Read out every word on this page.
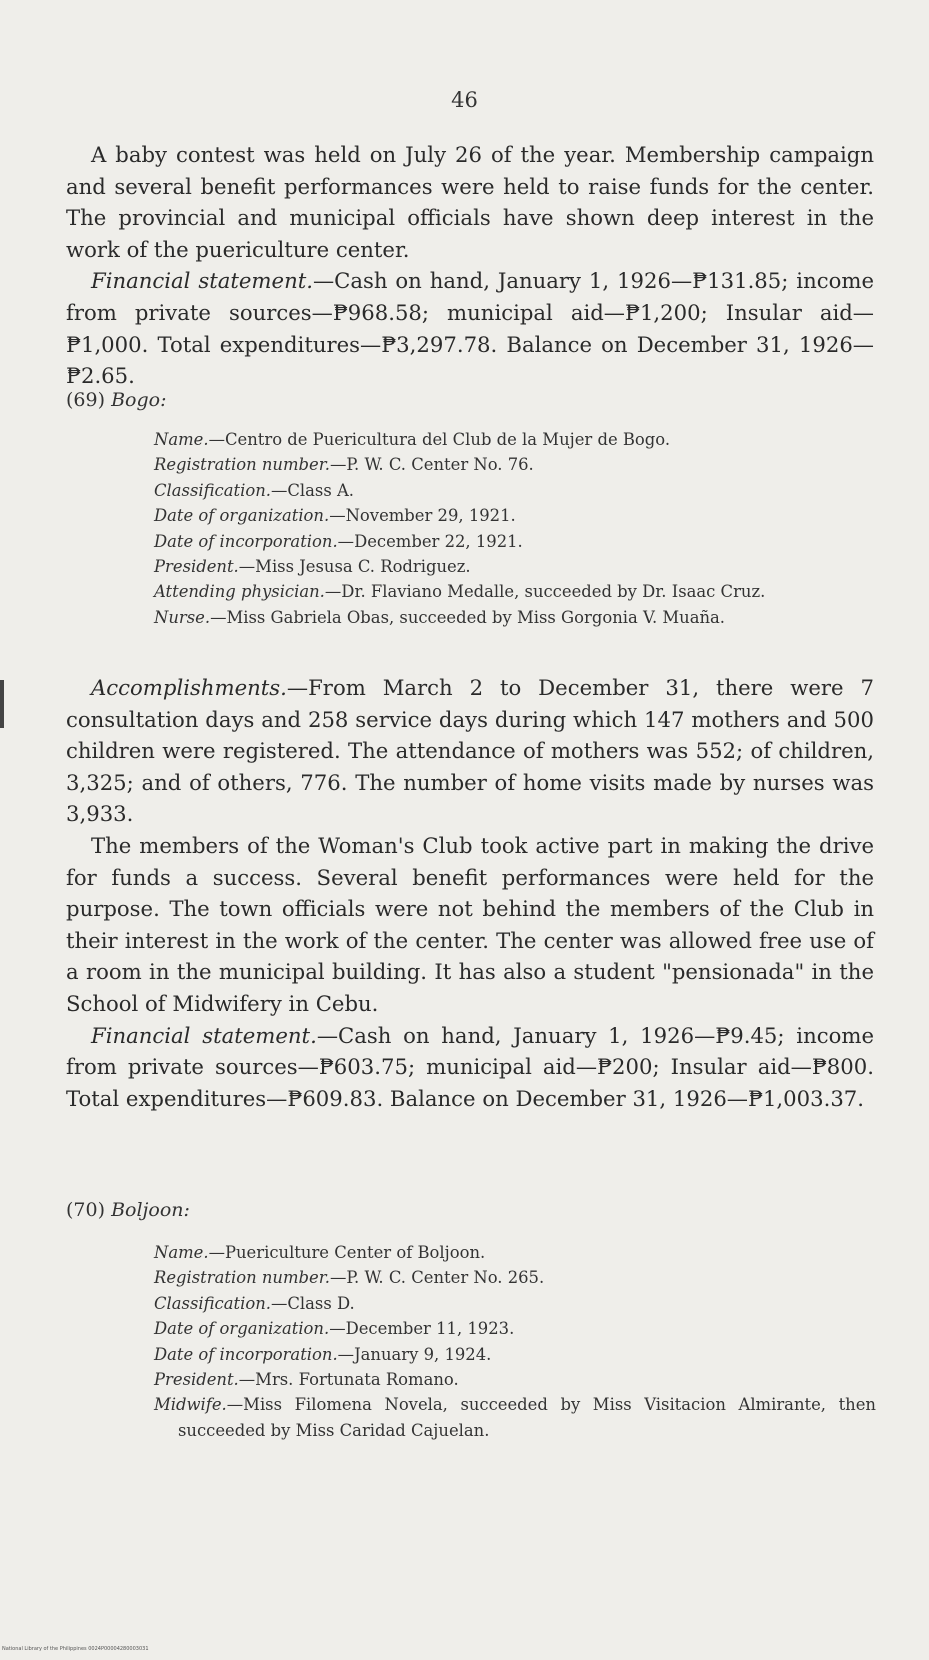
46

A baby contest was held on July 26 of the year. Membership campaign and several benefit performances were held to raise funds for the center. The provincial and municipal officials have shown deep interest in the work of the puericulture center.

Financial statement.—Cash on hand, January 1, 1926—₱131.85; income from private sources—₱968.58; municipal aid—₱1,200; Insular aid—₱1,000. Total expenditures—₱3,297.78. Balance on December 31, 1926—₱2.65.

(69) Bogo:

Name.—Centro de Puericultura del Club de la Mujer de Bogo.

Registration number.—P. W. C. Center No. 76.

Classification.—Class A.

Date of organization.—November 29, 1921.

Date of incorporation.—December 22, 1921.

President.—Miss Jesusa C. Rodriguez.

Attending physician.—Dr. Flaviano Medalle, succeeded by Dr. Isaac Cruz.

Nurse.—Miss Gabriela Obas, succeeded by Miss Gorgonia V. Muaña.

Accomplishments.—From March 2 to December 31, there were 7 consultation days and 258 service days during which 147 mothers and 500 children were registered. The attendance of mothers was 552; of children, 3,325; and of others, 776. The number of home visits made by nurses was 3,933.

The members of the Woman's Club took active part in making the drive for funds a success. Several benefit performances were held for the purpose. The town officials were not behind the members of the Club in their interest in the work of the center. The center was allowed free use of a room in the municipal building. It has also a student "pensionada" in the School of Midwifery in Cebu.

Financial statement.—Cash on hand, January 1, 1926—₱9.45; income from private sources—₱603.75; municipal aid—₱200; Insular aid—₱800. Total expenditures—₱609.83. Balance on December 31, 1926—₱1,003.37.

(70) Boljoon:

Name.—Puericulture Center of Boljoon.

Registration number.—P. W. C. Center No. 265.

Classification.—Class D.

Date of organization.—December 11, 1923.

Date of incorporation.—January 9, 1924.

President.—Mrs. Fortunata Romano.

Midwife.—Miss Filomena Novela, succeeded by Miss Visitacion Almirante, then succeeded by Miss Caridad Cajuelan.

National Library of the Philippines 0024P00004280003031
